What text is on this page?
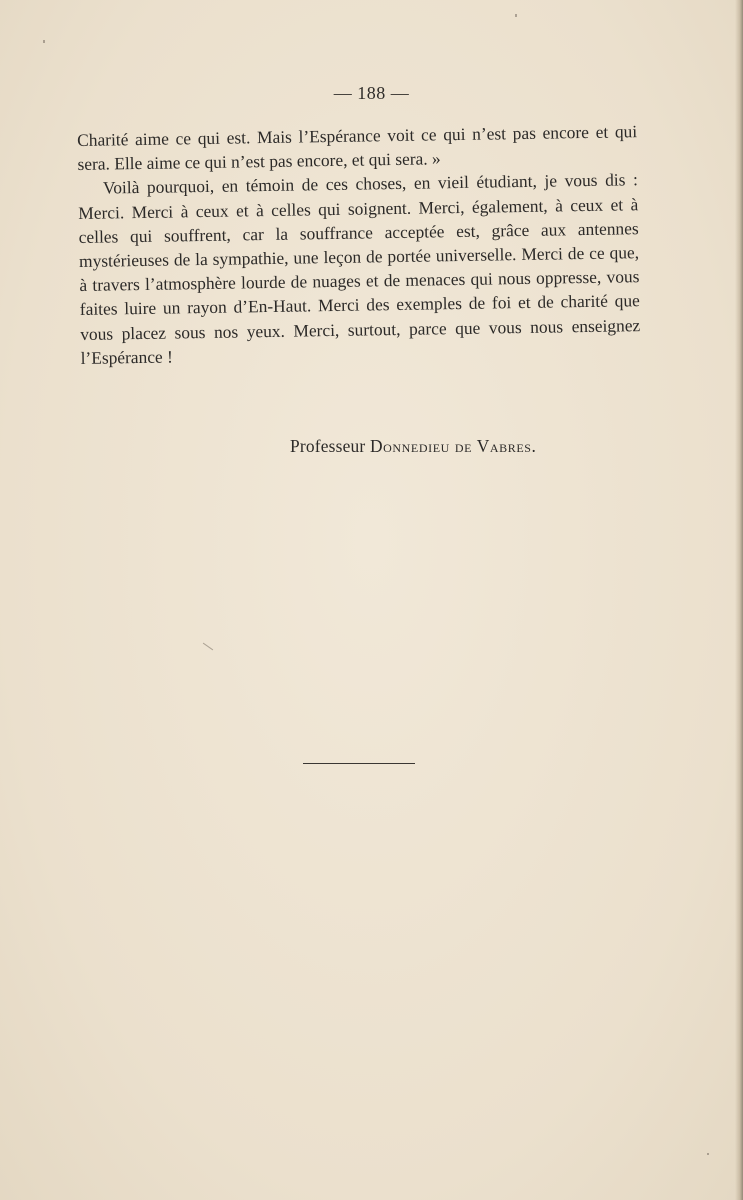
— 188 —

Charité aime ce qui est. Mais l’Espérance voit ce qui n’est pas encore et qui sera. Elle aime ce qui n’est pas encore, et qui sera. »

Voilà pourquoi, en témoin de ces choses, en vieil étudiant, je vous dis : Merci. Merci à ceux et à celles qui soignent. Merci, également, à ceux et à celles qui souffrent, car la souffrance acceptée est, grâce aux antennes mystérieuses de la sympathie, une leçon de portée universelle. Merci de ce que, à travers l’atmosphère lourde de nuages et de menaces qui nous oppresse, vous faites luire un rayon d’En-Haut. Merci des exemples de foi et de charité que vous placez sous nos yeux. Merci, surtout, parce que vous nous enseignez l’Espérance !

Professeur Donnedieu de Vabres.
